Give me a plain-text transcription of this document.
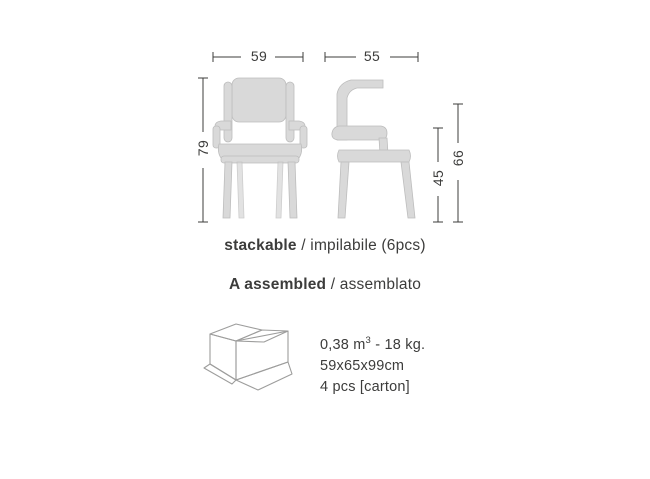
59	55
79
45
66
stackable / impilabile (6pcs)
A assembled / assemblato
0,38 $m^3 - 18$ kg.
59x65x99cm
4 pcs [carton]
